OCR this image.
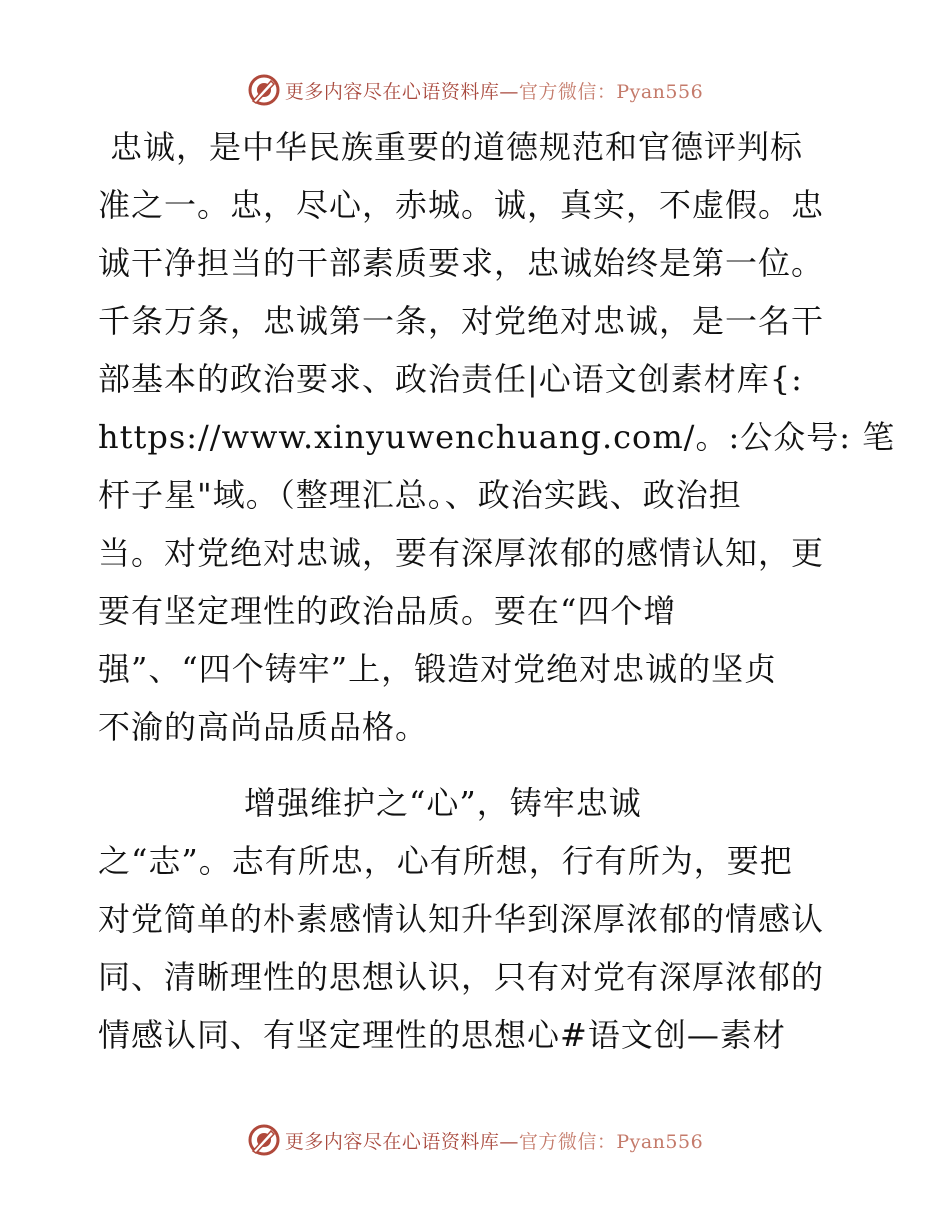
更多内容尽在心语资料库—官方微信：Pyan556
忠诚，是中华民族重要的道德规范和官德评判标
准之一。忠，尽心，赤城。诚，真实，不虚假。忠
诚干净担当的干部素质要求，忠诚始终是第一位。
千条万条，忠诚第一条，对党绝对忠诚，是一名干
部基本的政治要求、政治责任|心语文创素材库{:
https://www.xinyuwenchuang.com/。:公众号: 笔
杆子星"域。（整理汇总。、政治实践、政治担
当。对党绝对忠诚，要有深厚浓郁的感情认知，更
要有坚定理性的政治品质。要在“四个增
强”、“四个铸牢”上，锻造对党绝对忠诚的坚贞
不渝的高尚品质品格。
增强维护之“心”，铸牢忠诚
之“志”。志有所忠，心有所想，行有所为，要把
对党简单的朴素感情认知升华到深厚浓郁的情感认
同、清晰理性的思想认识，只有对党有深厚浓郁的
情感认同、有坚定理性的思想心#语文创—素材
更多内容尽在心语资料库—官方微信：Pyan556
